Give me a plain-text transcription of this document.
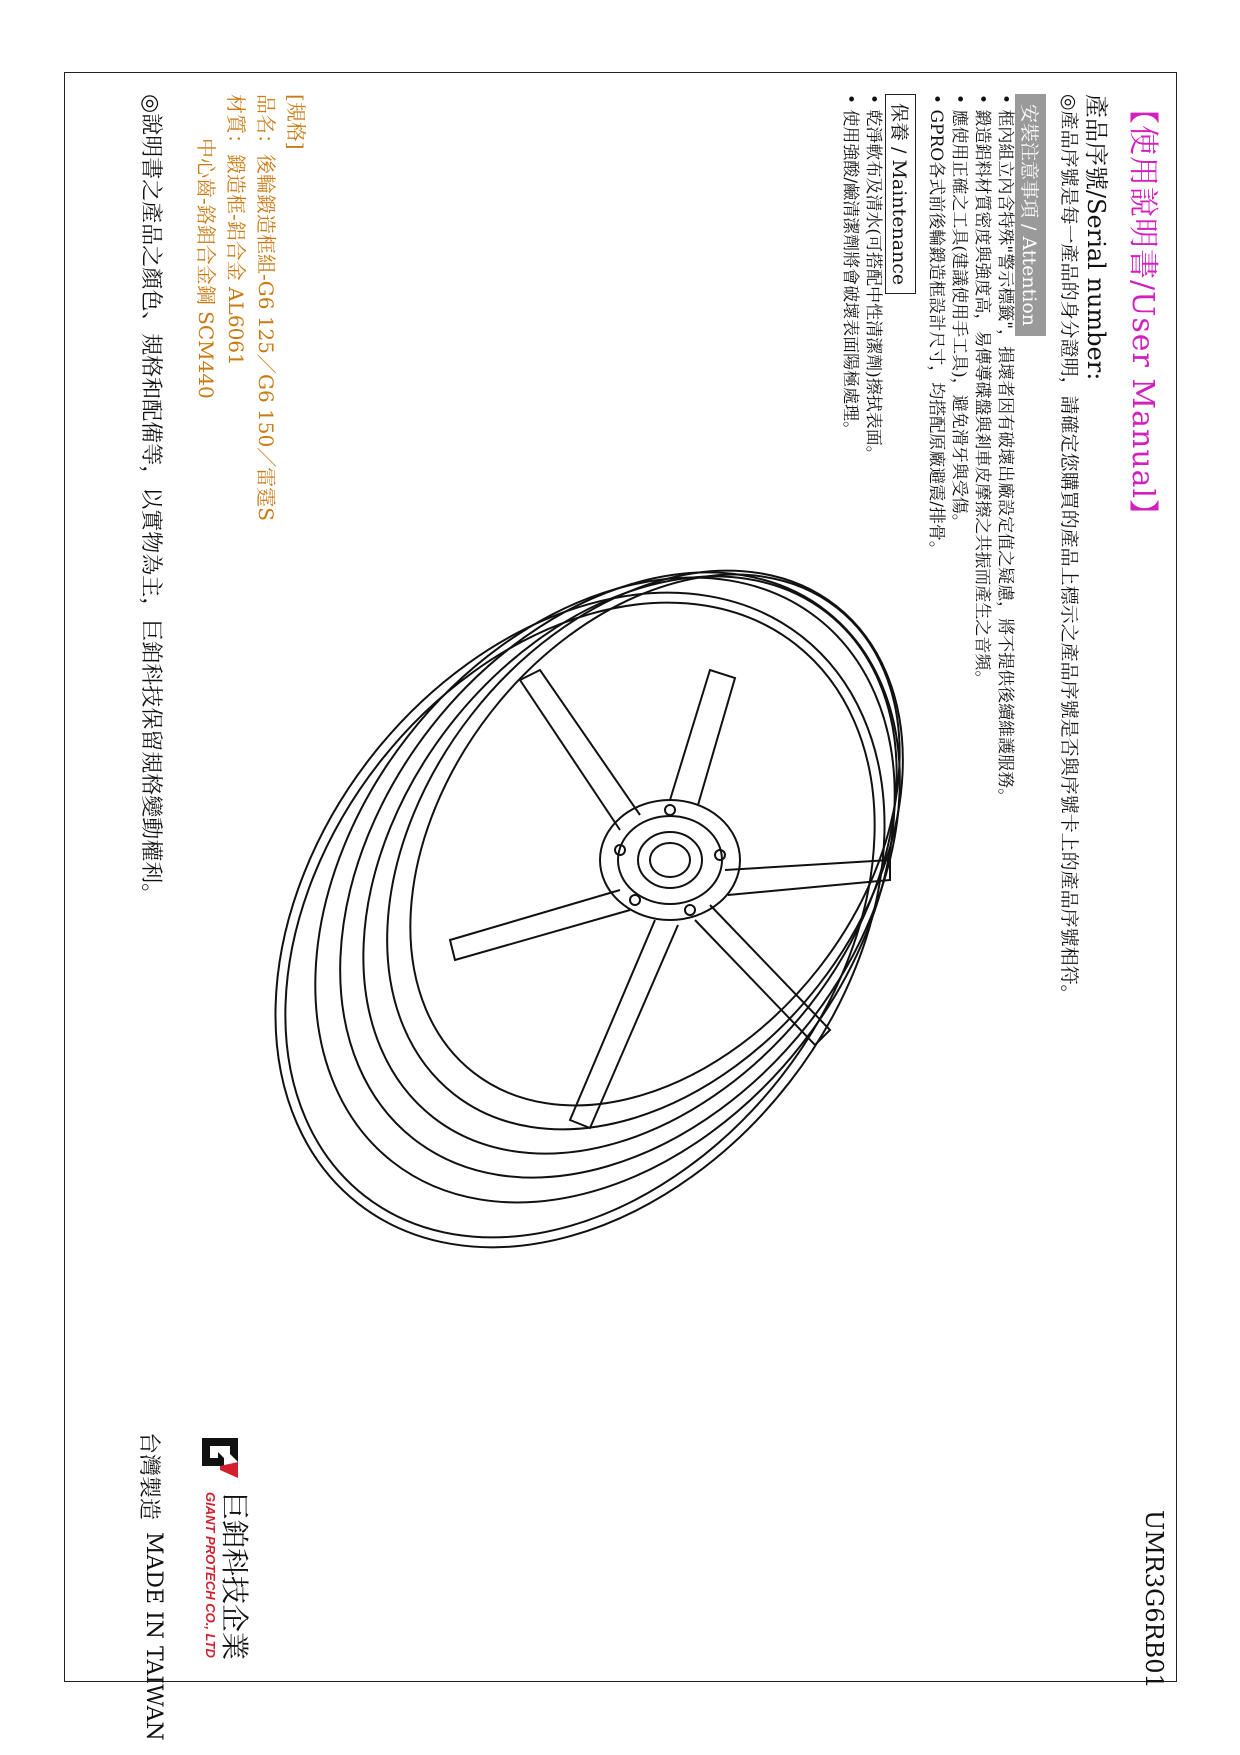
【使用說明書/User Manual】
產品序號/Serial number:
◎產品序號是每一產品的身分證明，請確定您購買的產品上標示之產品序號是否與序號卡上的產品序號相符。
安裝注意事項 / Attention
• 框內組立內含特殊"警示標籤"，損壞者因有破壞出廠設定值之疑慮，將不提供後續維護服務。
• 鍛造鋁料材質密度與強度高，易傳導碟盤與剎車皮摩擦之共振而產生之音頻。
• 應使用正確之工具(建議使用手工具)，避免滑牙與受傷。
• GPRO各式前後輪鍛造框設計尺寸，均搭配原廠避震/排骨。
保養 / Maintenance
• 乾淨軟布及清水(可搭配中性清潔劑)擦拭表面。
• 使用強酸/鹼清潔劑將會破壞表面陽極處理。
[規格]
品名：後輪鍛造框組-G6 125／G6 150／雷霆S
材質：鍛造框-鋁合金 AL6061
中心齒-鉻鉬合金鋼 SCM440
◎說明書之產品之顏色、規格和配備等，以實物為主，巨鉑科技保留規格變動權利。
UMR3G6RB01
巨鉑科技企業
GIANT PROTECH CO., LTD
台灣製造
MADE IN TAIWAN
